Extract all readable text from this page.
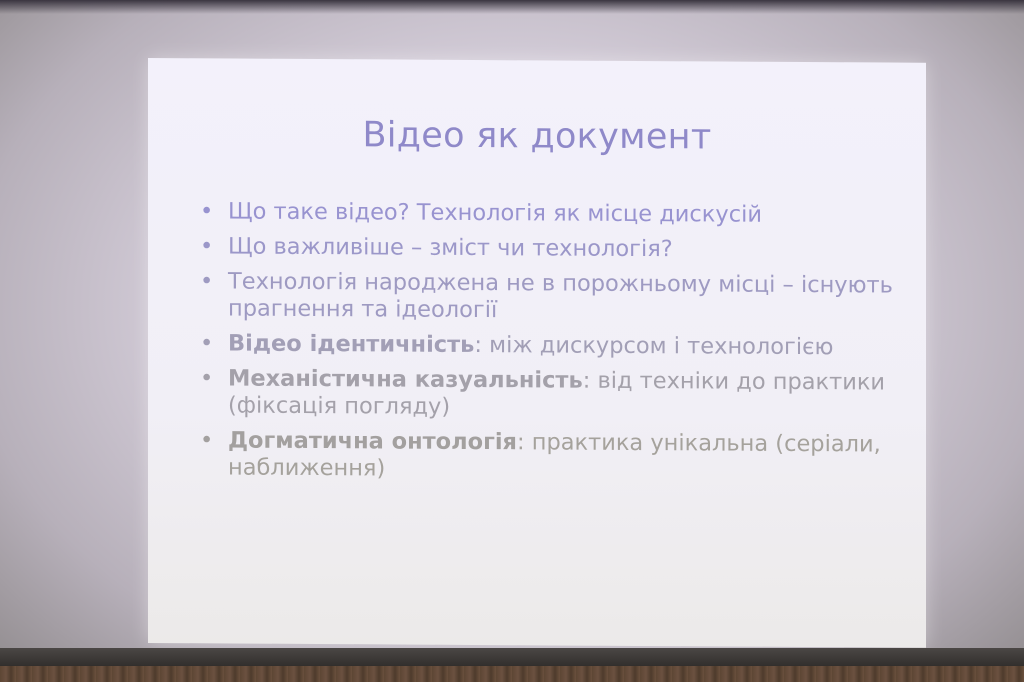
Відео як документ
• Що таке відео? Технологія як місце дискусій
• Що важливіше – зміст чи технологія?
• Технологія народжена не в порожньому місці – існують прагнення та ідеології
• Відео ідентичність: між дискурсом і технологією
• Механістична казуальність: від техніки до практики (фіксація погляду)
• Догматична онтологія: практика унікальна (серіали, наближення)
